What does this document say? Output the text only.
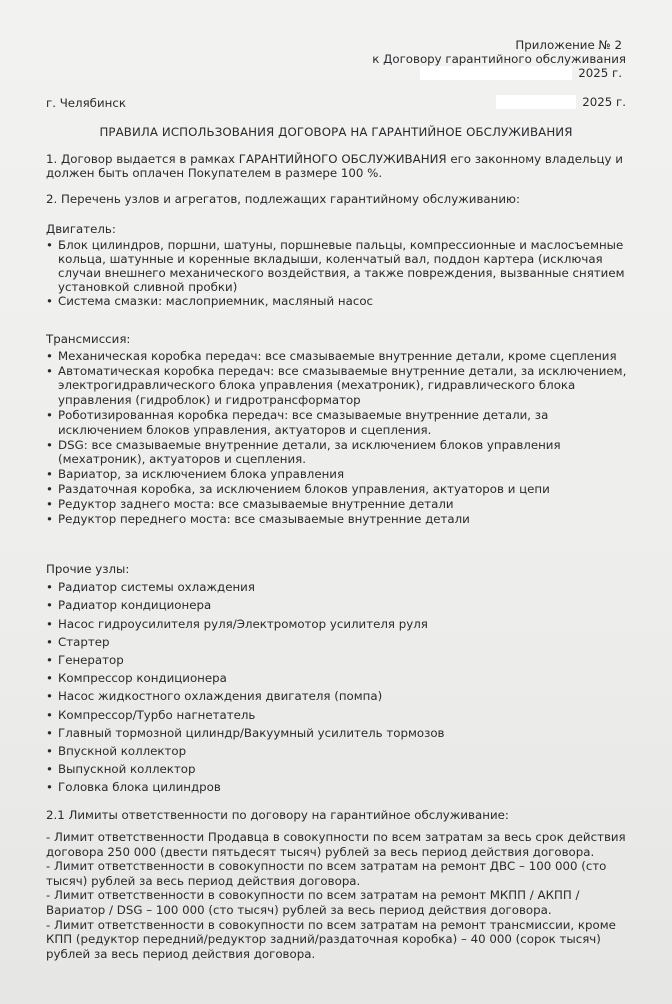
Приложение № 2
к Договору гарантийного обслуживания
2025 г.
г. Челябинск	2025 г.
ПРАВИЛА ИСПОЛЬЗОВАНИЯ ДОГОВОРА НА ГАРАНТИЙНОЕ ОБСЛУЖИВАНИЯ
1. Договор выдается в рамках ГАРАНТИЙНОГО ОБСЛУЖИВАНИЯ его законному владельцу и должен быть оплачен Покупателем в размере 100 %.
2. Перечень узлов и агрегатов, подлежащих гарантийному обслуживанию:

Двигатель:

• Блок цилиндров, поршни, шатуны, поршневые пальцы, компрессионные и маслосъемные кольца, шатунные и коренные вкладыши, коленчатый вал, поддон картера (исключая случаи внешнего механического воздействия, а также повреждения, вызванные снятием установкой сливной пробки)
• Система смазки: маслоприемник, масляный насос

Трансмиссия:

• Механическая коробка передач: все смазываемые внутренние детали, кроме сцепления
• Автоматическая коробка передач: все смазываемые внутренние детали, за исключением, электрогидравлического блока управления (мехатроник), гидравлического блока управления (гидроблок) и гидротрансформатор
• Роботизированная коробка передач: все смазываемые внутренние детали, за исключением блоков управления, актуаторов и сцепления.
• DSG: все смазываемые внутренние детали, за исключением блоков управления (мехатроник), актуаторов и сцепления.
• Вариатор, за исключением блока управления
• Раздаточная коробка, за исключением блоков управления, актуаторов и цепи
• Редуктор заднего моста: все смазываемые внутренние детали
• Редуктор переднего моста: все смазываемые внутренние детали

Прочие узлы:

• Радиатор системы охлаждения
• Радиатор кондиционера
• Насос гидроусилителя руля/Электромотор усилителя руля
• Стартер
• Генератор
• Компрессор кондиционера
• Насос жидкостного охлаждения двигателя (помпа)
• Компрессор/Турбо нагнетатель
• Главный тормозной цилиндр/Вакуумный усилитель тормозов
• Впускной коллектор
• Выпускной коллектор
• Головка блока цилиндров
2.1 Лимиты ответственности по договору на гарантийное обслуживание:
- Лимит ответственности Продавца в совокупности по всем затратам за весь срок действия договора 250 000 (двести пятьдесят тысяч) рублей за весь период действия договора.
- Лимит ответственности в совокупности по всем затратам на ремонт ДВС – 100 000 (сто тысяч) рублей за весь период действия договора.
- Лимит ответственности в совокупности по всем затратам на ремонт МКПП / АКПП / Вариатор / DSG – 100 000 (сто тысяч) рублей за весь период действия договора.
- Лимит ответственности в совокупности по всем затратам на ремонт трансмиссии, кроме КПП (редуктор передний/редуктор задний/раздаточная коробка) – 40 000 (сорок тысяч) рублей за весь период действия договора.
